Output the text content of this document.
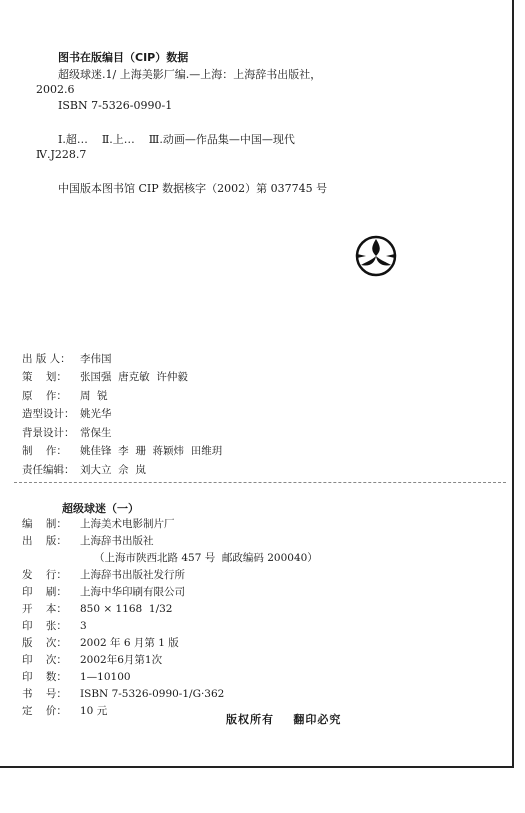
图书在版编目（CIP）数据
超级球迷.1/ 上海美影厂编.—上海：上海辞书出版社，
2002.6
ISBN 7-5326-0990-1
Ⅰ.超…    Ⅱ.上…    Ⅲ.动画—作品集—中国—现代
Ⅳ.J228.7
中国版本图书馆 CIP 数据核字（2002）第 037745 号
出 版 人： 李伟国
策    划：	张国强  唐克敏  许仲毅
原    作：	周  锐
造型设计： 姚光华
背景设计： 常保生
制    作：	姚佳锋  李  珊  蒋颖炜  田维玥
责任编辑： 刘大立  佘  岚
超级球迷（一）
编    制：	上海美术电影制片厂
出    版：	上海辞书出版社
（上海市陕西北路 457 号  邮政编码 200040）
发    行：	上海辞书出版社发行所
印    刷：	上海中华印刷有限公司
开    本：	850 × 1168  1/32
印    张：	3
版    次：	2002 年 6 月第 1 版
印    次：	2002年6月第1次
印    数：	1—10100
书    号：	ISBN 7-5326-0990-1/G·362
定    价：	10 元
版权所有    翻印必究
